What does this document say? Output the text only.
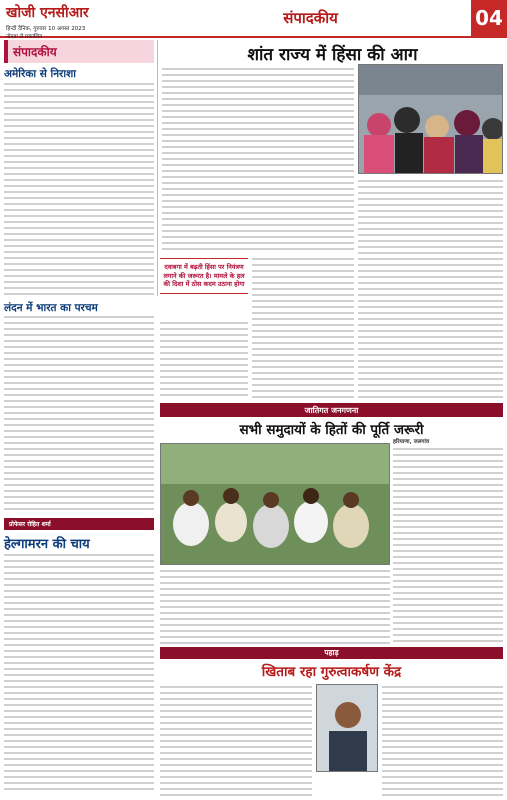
खोजी एनसीआर
हिन्दी दैनिक, गुरुवार 10 अगस्त 2023
नोएडा से प्रकाशित
संपादकीय	04
संपादकीय
अमेरिका से निराशा
लंदन में भारत का परचम
प्रोफेसर रोहित शर्मा
हेल्गामरन की चाय
शांत राज्य में हिंसा की आग
दवाबगा में बढ़ती हिंसा पर नियंत्रण लगाने की जरूरत है। मामले के हल की दिशा में ठोस कदम उठाना होगा
जातिगत जनगणना
सभी समुदायों के हितों की पूर्ति जरूरी
हरियाणा, जलगांव
पहाड़
खिताब रहा गुरुत्वाकर्षण केंद्र
